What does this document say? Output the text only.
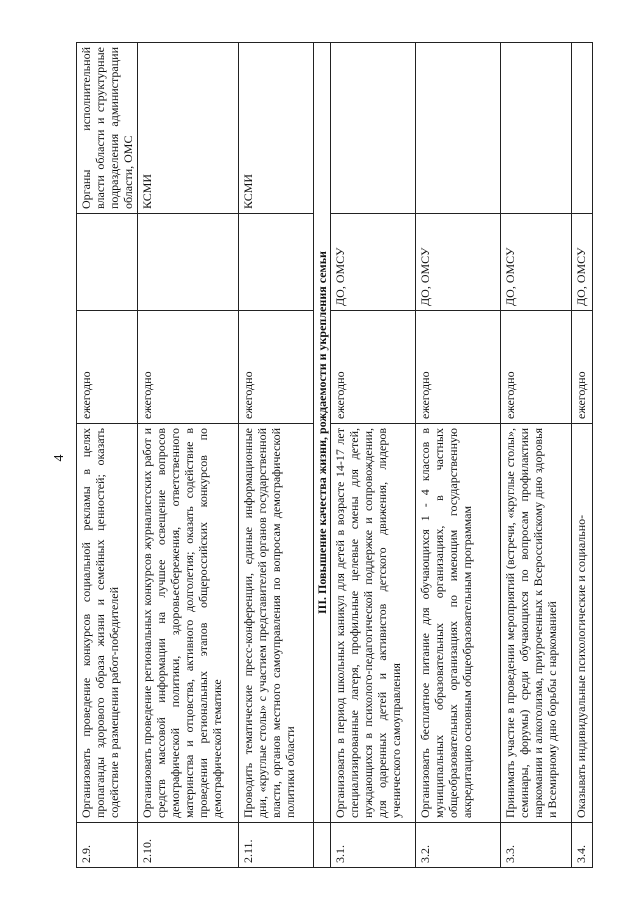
4
2.9.	Организовать проведение конкурсов социальной рекламы в целях пропаганды здорового образа жизни и семейных ценностей; оказать содействие в размещении работ-победителей	ежегодно		Органы исполнительной власти области и структурные подразделения администрации области, ОМС
2.10.	Организовать проведение региональных конкурсов журналистских работ и средств массовой информации на лучшее освещение вопросов демографической политики, здоровьесбережения, ответственного материнства и отцовства, активного долголетия; оказать содействие в проведении региональных этапов общероссийских конкурсов по демографической тематике	ежегодно		КСМИ
2.11.	Проводить тематические пресс-конференции, единые информационные дни, «круглые столы» с участием представителей органов государственной власти, органов местного самоуправления по вопросам демографической политики области	ежегодно		КСМИ
	III. Повышение качества жизни, рождаемости и укрепления семьи			
3.1.	Организовать в период школьных каникул для детей в возрасте 14-17 лет специализированные лагеря, профильные целевые смены для детей, нуждающихся в психолого-педагогической поддержке и сопровождении, для одаренных детей и активистов детского движения, лидеров ученического самоуправления	ежегодно	ДО, ОМСУ	
3.2.	Организовать бесплатное питание для обучающихся 1 - 4 классов в муниципальных образовательных организациях, в частных общеобразовательных организациях по имеющим государственную аккредитацию основным общеобразовательным программам	ежегодно	ДО, ОМСУ	
3.3.	Принимать участие в проведении мероприятий (встречи, «круглые столы», семинары, форумы) среди обучающихся по вопросам профилактики наркомании и алкоголизма, приуроченных к Всероссийскому дню здоровья и Всемирному дню борьбы с наркоманией	ежегодно	ДО, ОМСУ	
3.4.	Оказывать индивидуальные психологические и социально-	ежегодно	ДО, ОМСУ	
